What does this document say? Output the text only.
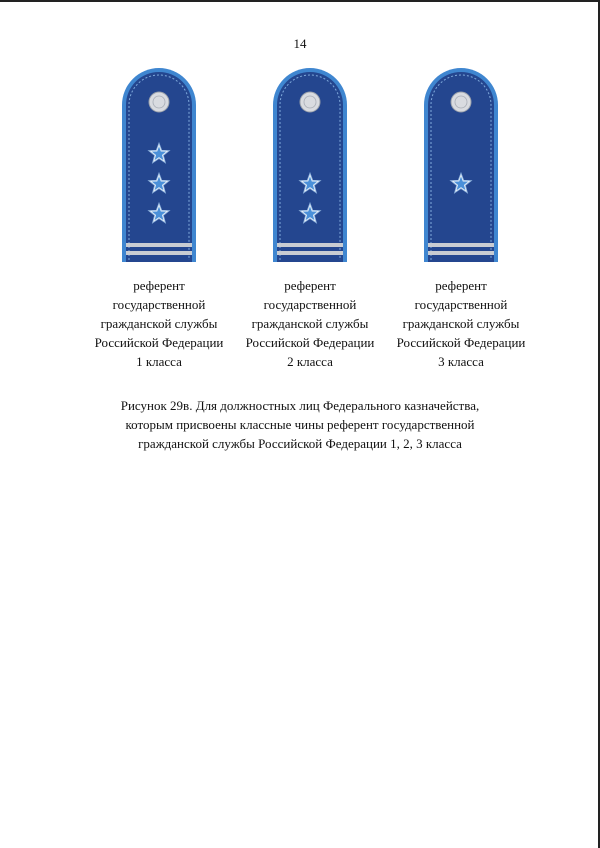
14
референт
государственной
гражданской службы
Российской Федерации
1 класса
референт
государственной
гражданской службы
Российской Федерации
2 класса
референт
государственной
гражданской службы
Российской Федерации
3 класса
Рисунок 29в. Для должностных лиц Федерального казначейства,
которым присвоены классные чины референт государственной
гражданской службы Российской Федерации 1, 2, 3 класса
